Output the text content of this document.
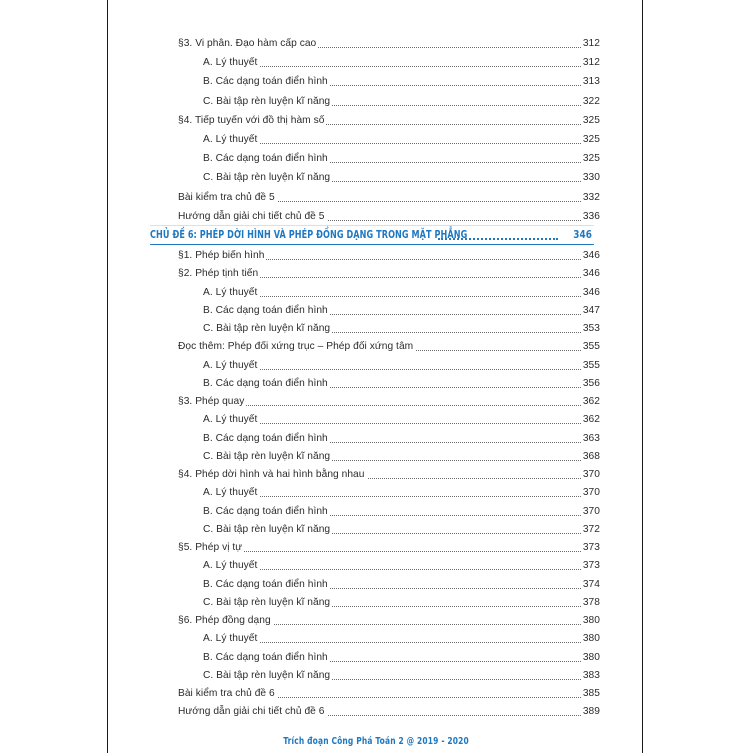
§3. Vi phân. Đạo hàm cấp cao	312
A. Lý thuyết	312
B. Các dạng toán điển hình	313
C. Bài tập rèn luyện kĩ năng	322
§4. Tiếp tuyến với đồ thị hàm số	325
A. Lý thuyết	325
B. Các dạng toán điển hình	325
C. Bài tập rèn luyện kĩ năng	330
Bài kiểm tra chủ đề 5	332
Hướng dẫn giải chi tiết chủ đề 5	336
CHỦ ĐỀ 6: PHÉP DỜI HÌNH VÀ PHÉP ĐỒNG DẠNG TRONG MẶT PHẲNG	346
§1. Phép biến hình	346
§2. Phép tịnh tiến	346
A. Lý thuyết	346
B. Các dạng toán điển hình	347
C. Bài tập rèn luyện kĩ năng	353
Đọc thêm: Phép đối xứng trục – Phép đối xứng tâm	355
A. Lý thuyết	355
B. Các dạng toán điển hình	356
§3. Phép quay	362
A. Lý thuyết	362
B. Các dạng toán điển hình	363
C. Bài tập rèn luyện kĩ năng	368
§4. Phép dời hình và hai hình bằng nhau	370
A. Lý thuyết	370
B. Các dạng toán điển hình	370
C. Bài tập rèn luyện kĩ năng	372
§5. Phép vị tự	373
A. Lý thuyết	373
B. Các dạng toán điển hình	374
C. Bài tập rèn luyện kĩ năng	378
§6. Phép đồng dạng	380
A. Lý thuyết	380
B. Các dạng toán điển hình	380
C. Bài tập rèn luyện kĩ năng	383
Bài kiểm tra chủ đề 6	385
Hướng dẫn giải chi tiết chủ đề 6	389
Trích đoạn Công Phá Toán 2 @ 2019 - 2020
